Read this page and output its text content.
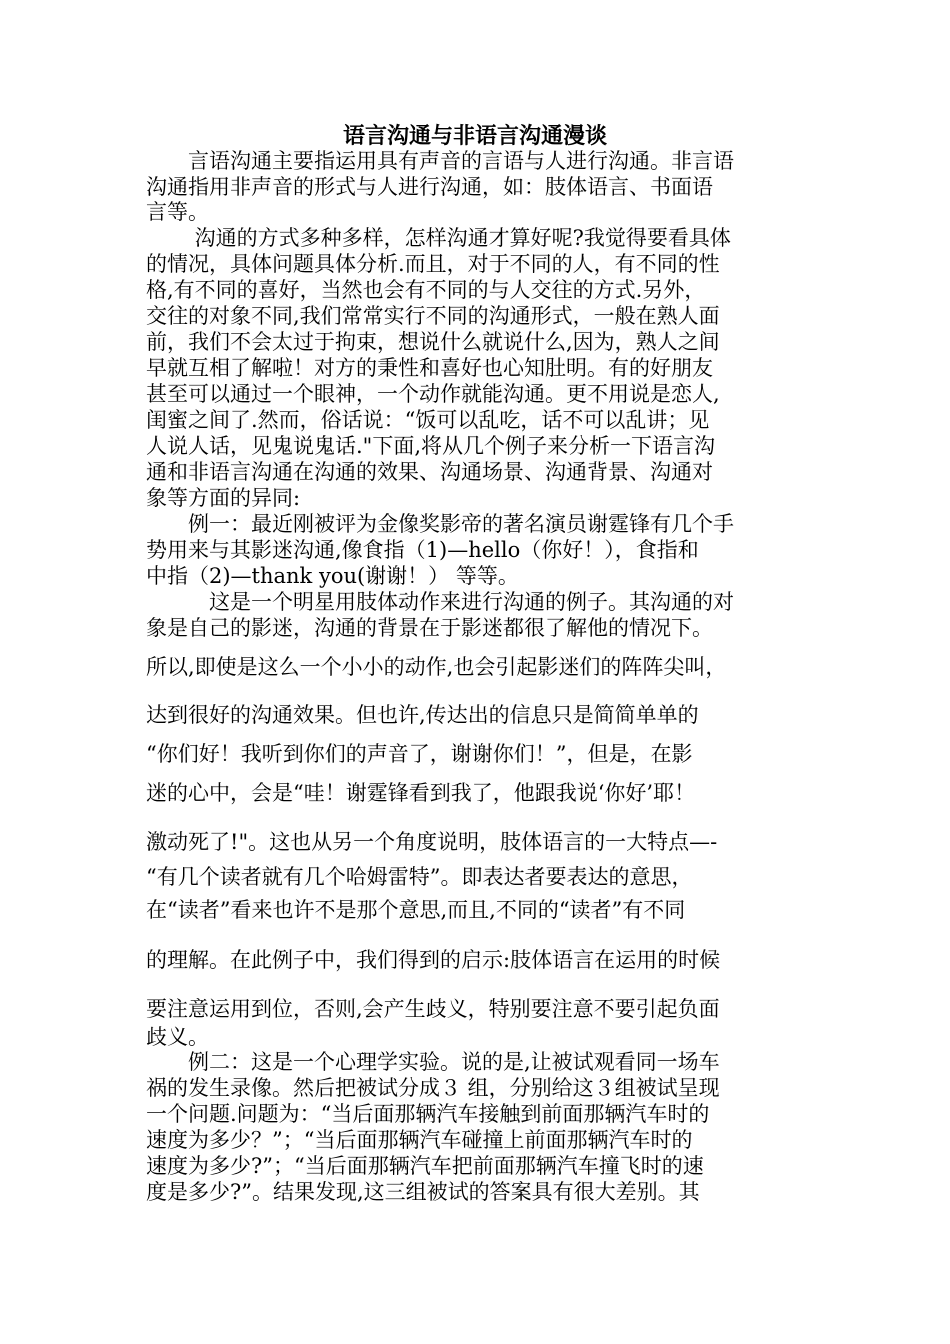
语言沟通与非语言沟通漫谈
　　言语沟通主要指运用具有声音的言语与人进行沟通。非言语
沟通指用非声音的形式与人进行沟通，如：肢体语言、书面语
言等。
　　 沟通的方式多种多样，怎样沟通才算好呢?我觉得要看具体
的情况，具体问题具体分析.而且，对于不同的人，有不同的性
格,有不同的喜好，当然也会有不同的与人交往的方式.另外，
交往的对象不同,我们常常实行不同的沟通形式，一般在熟人面
前，我们不会太过于拘束，想说什么就说什么,因为，熟人之间
早就互相了解啦！对方的秉性和喜好也心知肚明。有的好朋友
甚至可以通过一个眼神，一个动作就能沟通。更不用说是恋人,
闺蜜之间了.然而，俗话说：“饭可以乱吃，话不可以乱讲；见
人说人话，见鬼说鬼话."下面,将从几个例子来分析一下语言沟
通和非语言沟通在沟通的效果、沟通场景、沟通背景、沟通对
象等方面的异同:
　　例一：最近刚被评为金像奖影帝的著名演员谢霆锋有几个手
势用来与其影迷沟通,像食指（1)—hello（你好！），食指和
中指（2)—thank you(谢谢！） 等等。
　　　这是一个明星用肢体动作来进行沟通的例子。其沟通的对
象是自己的影迷，沟通的背景在于影迷都很了解他的情况下。
所以,即使是这么一个小小的动作,也会引起影迷们的阵阵尖叫，
达到很好的沟通效果。但也许,传达出的信息只是简简单单的
“你们好！我听到你们的声音了，谢谢你们！”，但是，在影
迷的心中，会是“哇！谢霆锋看到我了，他跟我说‘你好’耶！
激动死了!"。这也从另一个角度说明，肢体语言的一大特点—-
“有几个读者就有几个哈姆雷特”。即表达者要表达的意思，
在“读者”看来也许不是那个意思,而且,不同的“读者”有不同
的理解。在此例子中，我们得到的启示:肢体语言在运用的时候
要注意运用到位，否则,会产生歧义，特别要注意不要引起负面
歧义。
　　例二：这是一个心理学实验。说的是,让被试观看同一场车
祸的发生录像。然后把被试分成３ 组，分别给这３组被试呈现
一个问题.问题为：“当后面那辆汽车接触到前面那辆汽车时的
速度为多少？”；“当后面那辆汽车碰撞上前面那辆汽车时的
速度为多少?”；“当后面那辆汽车把前面那辆汽车撞飞时的速
度是多少?”。结果发现,这三组被试的答案具有很大差别。其
